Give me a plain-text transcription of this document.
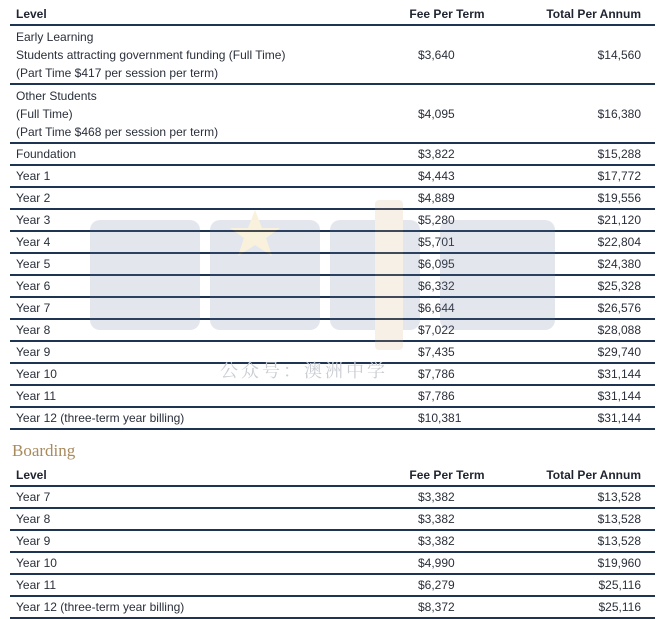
Level	Fee Per Term	Total Per Annum

Early Learning
Students attracting government funding (Full Time)
(Part Time $417 per session per term)	$3,640	$14,560

Other Students
(Full Time)
(Part Time $468 per session per term)	$4,095	$16,380

Foundation	$3,822	$15,288

Year 1	$4,443	$17,772

Year 2	$4,889	$19,556

Year 3	$5,280	$21,120

Year 4	$5,701	$22,804

Year 5	$6,095	$24,380

Year 6	$6,332	$25,328

Year 7	$6,644	$26,576

Year 8	$7,022	$28,088

Year 9	$7,435	$29,740

Year 10	$7,786	$31,144

Year 11	$7,786	$31,144

Year 12 (three-term year billing)	$10,381	$31,144
Boarding
Level	Fee Per Term	Total Per Annum

Year 7	$3,382	$13,528

Year 8	$3,382	$13,528

Year 9	$3,382	$13,528

Year 10	$4,990	$19,960

Year 11	$6,279	$25,116

Year 12 (three-term year billing)	$8,372	$25,116
公众号：澳洲中学
